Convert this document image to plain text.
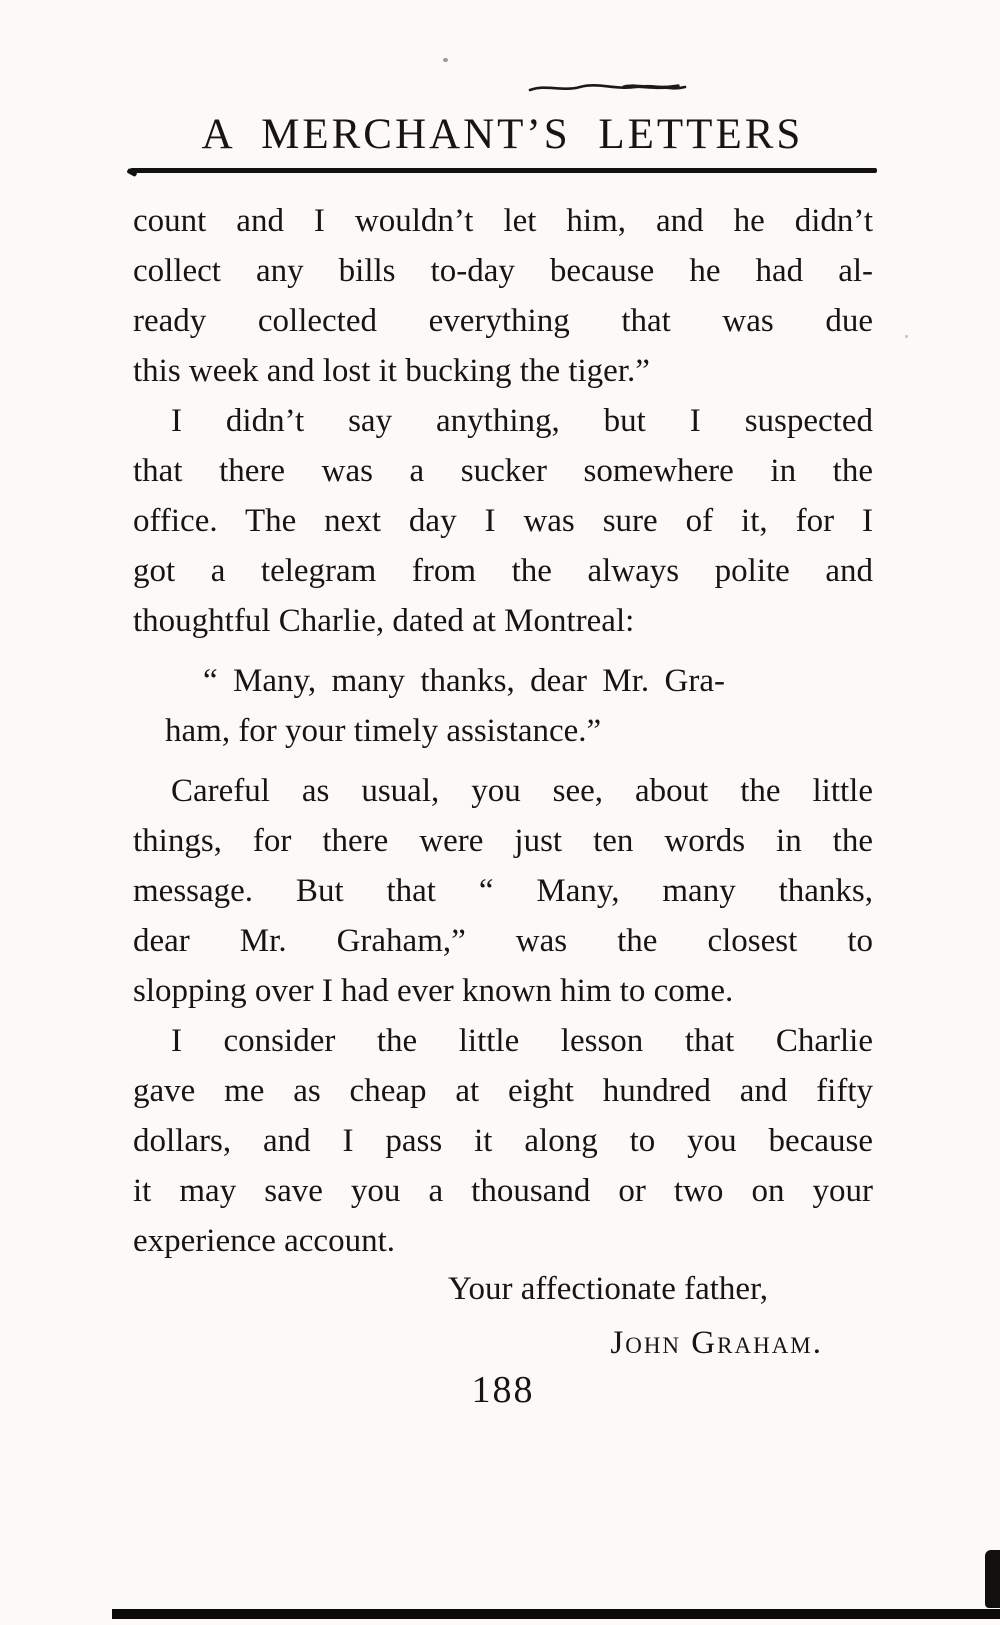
A MERCHANT’S LETTERS
count and I wouldn’t let him, and he didn’t
collect any bills to-day because he had al-
ready collected everything that was due
this week and lost it bucking the tiger.”
I didn’t say anything, but I suspected
that there was a sucker somewhere in the
office. The next day I was sure of it, for I
got a telegram from the always polite and
thoughtful Charlie, dated at Montreal:
“ Many, many thanks, dear Mr. Gra-
ham, for your timely assistance.”
Careful as usual, you see, about the little
things, for there were just ten words in the
message. But that “ Many, many thanks,
dear Mr. Graham,” was the closest to
slopping over I had ever known him to come.
I consider the little lesson that Charlie
gave me as cheap at eight hundred and fifty
dollars, and I pass it along to you because
it may save you a thousand or two on your
experience account.
Your affectionate father,
John Graham.
188
